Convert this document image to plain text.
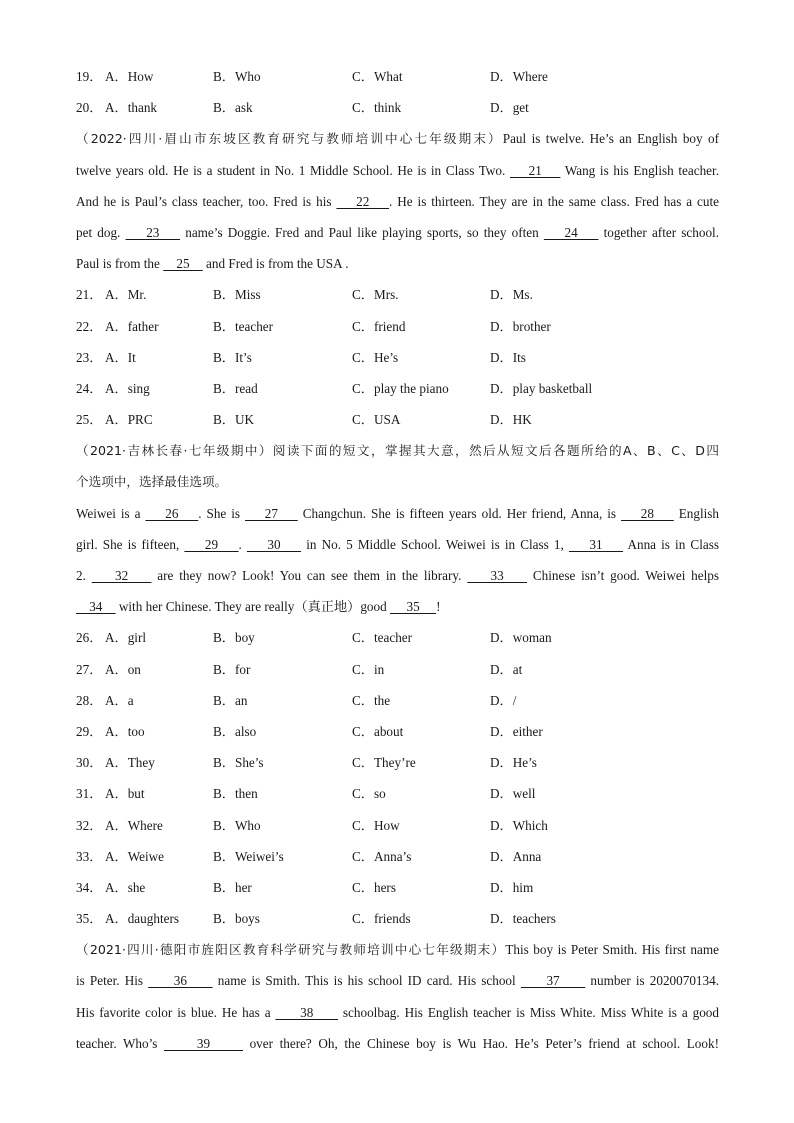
19． A．How	B．Who	C．What	D．Where
20． A．thank	B．ask	C．think	D．get
（2022·四川·眉山市东坡区教育研究与教师培训中心七年级期末）Paul is twelve. He’s an English boy of
twelve years old. He is a student in No. 1 Middle School. He is in Class Two.     21     Wang is his English teacher.
And he is Paul’s class teacher, too. Fred is his     22    . He is thirteen. They are in the same class. Fred has a cute
pet dog.     23     name’s Doggie. Fred and Paul like playing sports, so they often     24     together after school.
Paul is from the     25     and Fred is from the USA .
21． A．Mr.	B．Miss	C．Mrs.	D．Ms.
22． A．father	B．teacher	C．friend	D．brother
23． A．It	B．It’s	C．He’s	D．Its
24． A．sing	B．read	C．play the piano	D．play basketball
25． A．PRC	B．UK	C．USA	D．HK
（2021·吉林长春·七年级期中）阅读下面的短文，掌握其大意，然后从短文后各题所给的A、B、C、D四
个选项中，选择最佳选项。
Weiwei is a     26    . She is     27     Changchun. She is fifteen years old. Her friend, Anna, is     28     English
girl. She is fifteen,     29    .     30     in No. 5 Middle School. Weiwei is in Class 1,     31     Anna is in Class
2.     32     are they now? Look! You can see them in the library.     33     Chinese isn’t good. Weiwei helps
34     with her Chinese. They are really（真正地）good      35     !
26． A．girl	B．boy	C．teacher	D．woman
27． A．on	B．for	C．in	D．at
28． A．a	B．an	C．the	D．/
29． A．too	B．also	C．about	D．either
30． A．They	B．She’s	C．They’re	D．He’s
31． A．but	B．then	C．so	D．well
32． A．Where	B．Who	C．How	D．Which
33． A．Weiwe	B．Weiwei’s	C．Anna’s	D．Anna
34． A．she	B．her	C．hers	D．him
35． A．daughters	B．boys	C．friends	D．teachers
（2021·四川·德阳市旌阳区教育科学研究与教师培训中心七年级期末）This boy is Peter Smith. His first name
is Peter. His      36      name is Smith. This is his school ID card. His school      37      number is 2020070134.
His favorite color is blue. He has a      38      schoolbag. His English teacher is Miss White. Miss White is a good
teacher. Who’s      39      over there? Oh, the Chinese boy is Wu Hao. He’s Peter’s friend at school. Look!
